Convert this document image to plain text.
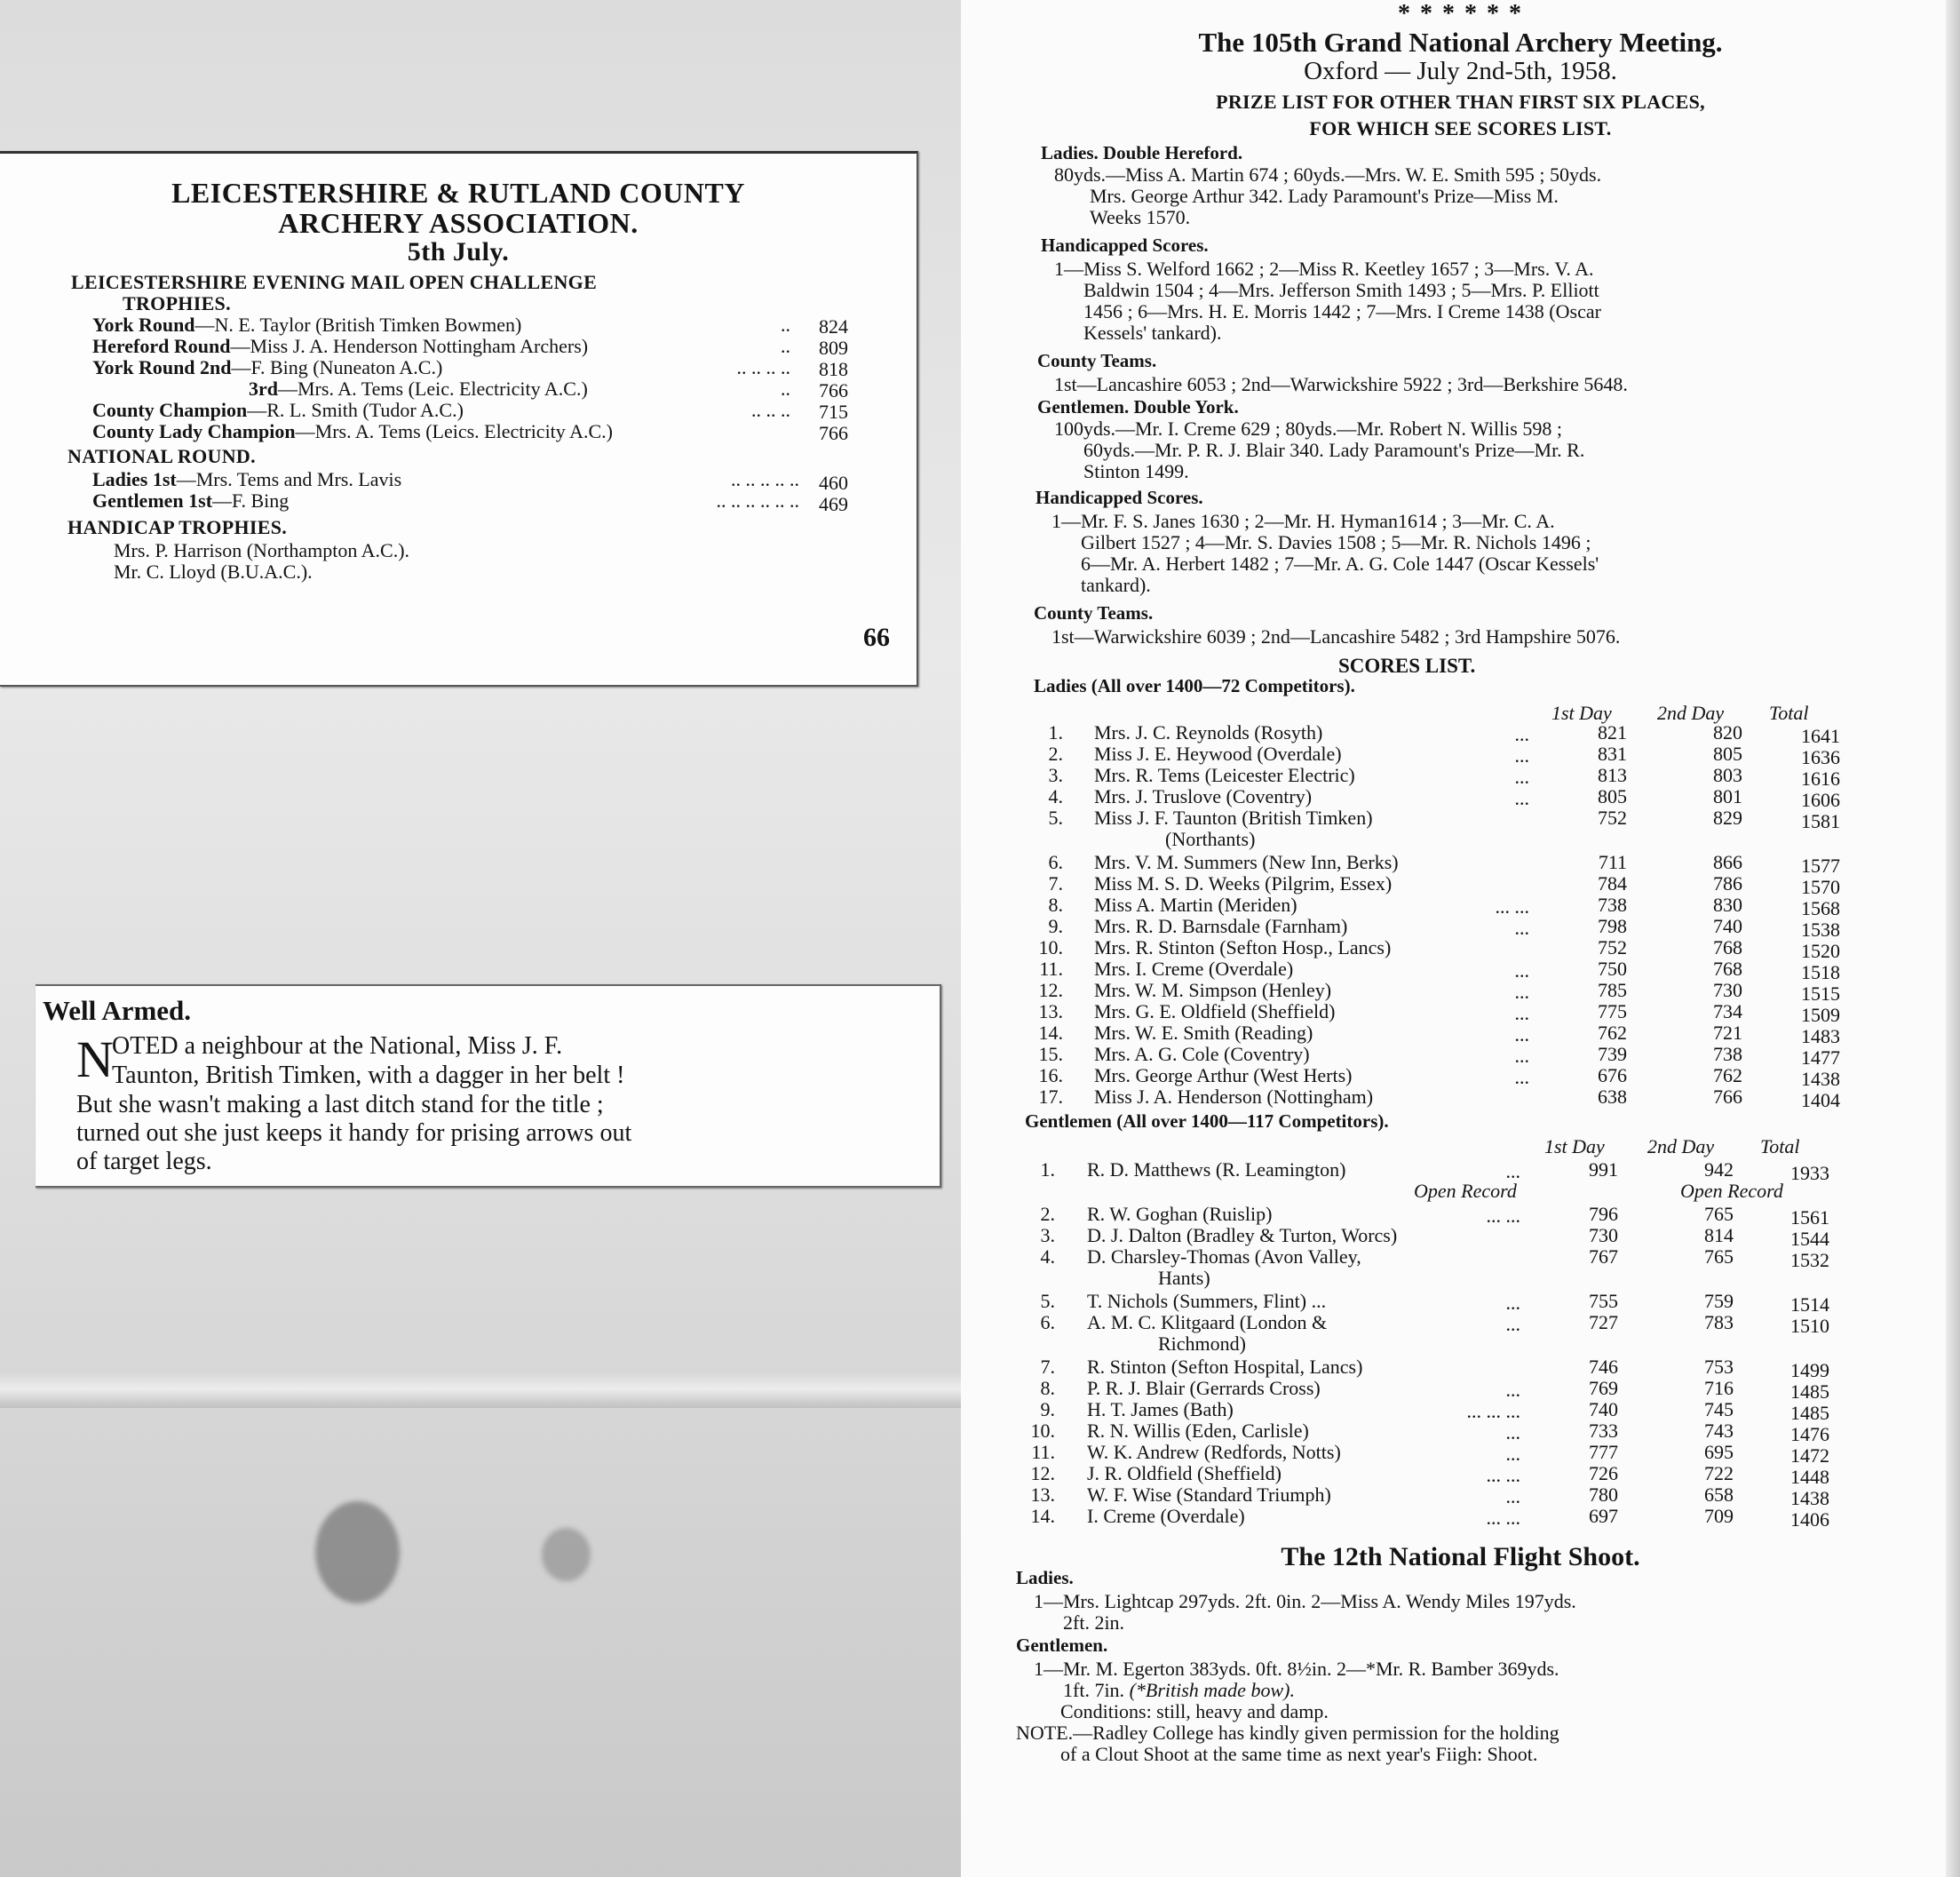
LEICESTERSHIRE & RUTLAND COUNTY
ARCHERY ASSOCIATION.
5th July.
LEICESTERSHIRE EVENING MAIL OPEN CHALLENGE
TROPHIES.
York Round—N. E. Taylor (British Timken Bowmen)	.. 824
Hereford Round—Miss J. A. Henderson Nottingham Archers)	.. 809
York Round 2nd—F. Bing (Nuneaton A.C.)	.. .. .. .. 818
3rd—Mrs. A. Tems (Leic. Electricity A.C.)	.. 766
County Champion—R. L. Smith (Tudor A.C.)	.. .. .. 715
County Lady Champion—Mrs. A. Tems (Leics. Electricity A.C.)	766
NATIONAL ROUND.
Ladies 1st—Mrs. Tems and Mrs. Lavis	.. .. .. .. .. 460
Gentlemen 1st—F. Bing	.. .. .. .. .. .. 469
HANDICAP TROPHIES.
Mrs. P. Harrison (Northampton A.C.).
Mr. C. Lloyd (B.U.A.C.).
66
Well Armed.
N
OTED a neighbour at the National, Miss J. F.
Taunton, British Timken, with a dagger in her belt !
But she wasn't making a last ditch stand for the title ;
turned out she just keeps it handy for prising arrows out
of target legs.
* * * * * *
The 105th Grand National Archery Meeting.
Oxford — July 2nd-5th, 1958.
PRIZE LIST FOR OTHER THAN FIRST SIX PLACES,
FOR WHICH SEE SCORES LIST.
Ladies. Double Hereford.
80yds.—Miss A. Martin 674 ; 60yds.—Mrs. W. E. Smith 595 ; 50yds.
Mrs. George Arthur 342. Lady Paramount's Prize—Miss M.
Weeks 1570.
Handicapped Scores.
1—Miss S. Welford 1662 ; 2—Miss R. Keetley 1657 ; 3—Mrs. V. A.
Baldwin 1504 ; 4—Mrs. Jefferson Smith 1493 ; 5—Mrs. P. Elliott
1456 ; 6—Mrs. H. E. Morris 1442 ; 7—Mrs. I Creme 1438 (Oscar
Kessels' tankard).
County Teams.
1st—Lancashire 6053 ; 2nd—Warwickshire 5922 ; 3rd—Berkshire 5648.
Gentlemen. Double York.
100yds.—Mr. I. Creme 629 ; 80yds.—Mr. Robert N. Willis 598 ;
60yds.—Mr. P. R. J. Blair 340. Lady Paramount's Prize—Mr. R.
Stinton 1499.
Handicapped Scores.
1—Mr. F. S. Janes 1630 ; 2—Mr. H. Hyman1614 ; 3—Mr. C. A.
Gilbert 1527 ; 4—Mr. S. Davies 1508 ; 5—Mr. R. Nichols 1496 ;
6—Mr. A. Herbert 1482 ; 7—Mr. A. G. Cole 1447 (Oscar Kessels'
tankard).
County Teams.
1st—Warwickshire 6039 ; 2nd—Lancashire 5482 ; 3rd Hampshire 5076.
SCORES LIST.
Ladies (All over 1400—72 Competitors).
1st Day	2nd Day	Total
1. Mrs. J. C. Reynolds (Rosyth)	...	821	820	1641
2. Miss J. E. Heywood (Overdale)	...	831	805	1636
3. Mrs. R. Tems (Leicester Electric)	...	813	803	1616
4. Mrs. J. Truslove (Coventry)	...	805	801	1606
5. Miss J. F. Taunton (British Timken)	752	829	1581
(Northants)
6. Mrs. V. M. Summers (New Inn, Berks)	711	866	1577
7. Miss M. S. D. Weeks (Pilgrim, Essex)	784	786	1570
8. Miss A. Martin (Meriden)	... ...	738	830	1568
9. Mrs. R. D. Barnsdale (Farnham)	...	798	740	1538
10. Mrs. R. Stinton (Sefton Hosp., Lancs)	752	768	1520
11. Mrs. I. Creme (Overdale)	...	750	768	1518
12. Mrs. W. M. Simpson (Henley)	...	785	730	1515
13. Mrs. G. E. Oldfield (Sheffield)	...	775	734	1509
14. Mrs. W. E. Smith (Reading)	...	762	721	1483
15. Mrs. A. G. Cole (Coventry)	...	739	738	1477
16. Mrs. George Arthur (West Herts)	...	676	762	1438
17. Miss J. A. Henderson (Nottingham)	638	766	1404
Gentlemen (All over 1400—117 Competitors).
1st Day 2nd Day Total
1. R. D. Matthews (R. Leamington)	...	991	942	1933
Open Record	Open Record
2. R. W. Goghan (Ruislip)	... ...	796	765	1561
3. D. J. Dalton (Bradley & Turton, Worcs)	730	814	1544
4. D. Charsley-Thomas (Avon Valley,	767	765	1532
Hants)
5. T. Nichols (Summers, Flint) ...	...	755	759	1514
6. A. M. C. Klitgaard (London &	...	727	783	1510
Richmond)
7. R. Stinton (Sefton Hospital, Lancs)	746	753	1499
8. P. R. J. Blair (Gerrards Cross)	...	769	716	1485
9. H. T. James (Bath)	... ... ...	740	745	1485
10. R. N. Willis (Eden, Carlisle)	...	733	743	1476
11. W. K. Andrew (Redfords, Notts)	...	777	695	1472
12. J. R. Oldfield (Sheffield)	... ...	726	722	1448
13. W. F. Wise (Standard Triumph)	...	780	658	1438
14. I. Creme (Overdale)	... ...	697	709	1406
The 12th National Flight Shoot.
Ladies.
1—Mrs. Lightcap 297yds. 2ft. 0in. 2—Miss A. Wendy Miles 197yds.
2ft. 2in.
Gentlemen.
1—Mr. M. Egerton 383yds. 0ft. 8½in. 2—*Mr. R. Bamber 369yds.
1ft. 7in. (*British made bow).
Conditions: still, heavy and damp.
NOTE.—Radley College has kindly given permission for the holding
of a Clout Shoot at the same time as next year's Fiigh: Shoot.
